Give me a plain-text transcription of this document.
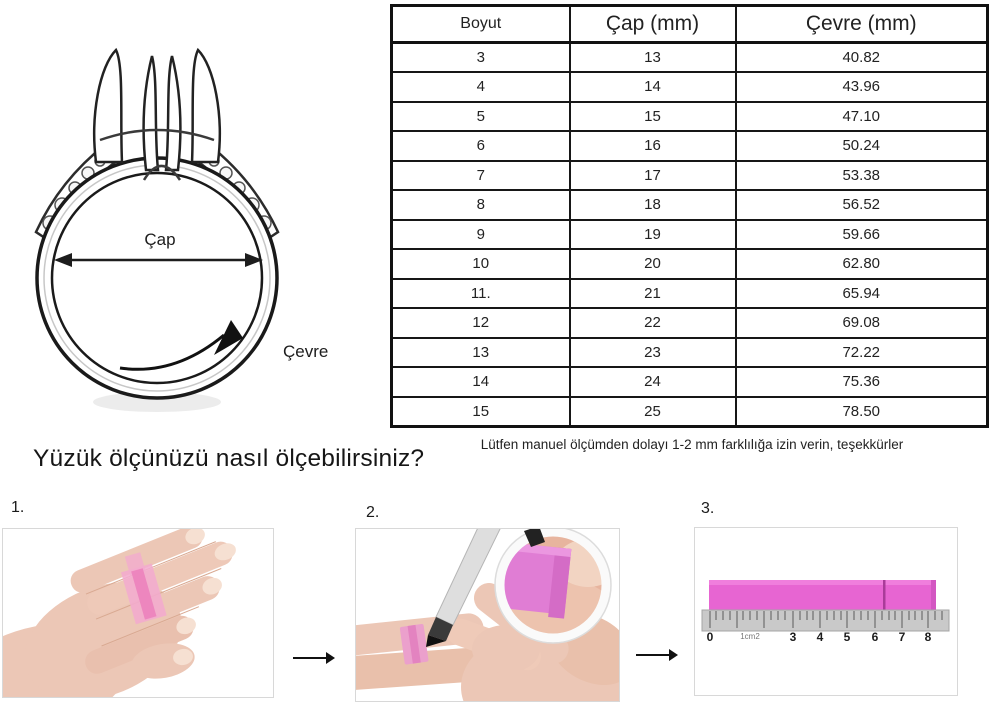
Çap
Çevre
Boyut	Çap (mm)	Çevre (mm)
3	13	40.82
4	14	43.96
5	15	47.10
6	16	50.24
7	17	53.38
8	18	56.52
9	19	59.66
10	20	62.80
11.	21	65.94
12	22	69.08
13	23	72.22
14	24	75.36
15	25	78.50
Lütfen manuel ölçümden dolayı 1-2 mm farklılığa izin verin, teşekkürler
Yüzük ölçünüzü nasıl ölçebilirsiniz?
1.	2.	3.
0	1cm2 3 4 5 6 7 8
